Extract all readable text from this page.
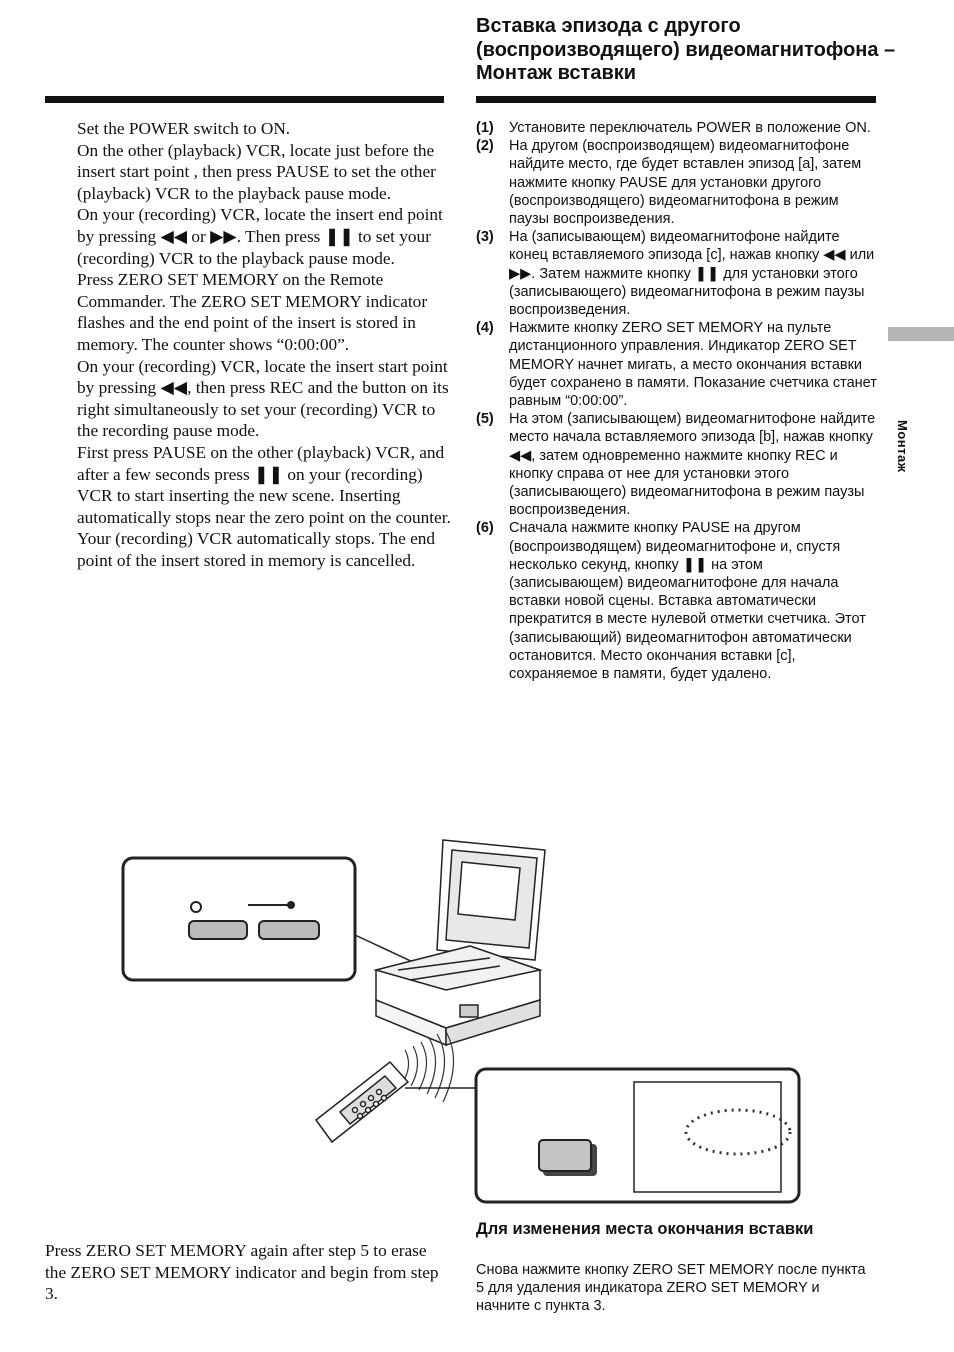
Вставка эпизода с другого (воспроизводящего) видеомагнитофона – Монтаж вставки

Set the POWER switch to ON.

On the other (playback) VCR, locate just before the insert start point , then press PAUSE to set the other (playback) VCR to the playback pause mode.

On your (recording) VCR, locate the insert end point by pressing ◀◀ or ▶▶. Then press ❚❚ to set your (recording) VCR to the playback pause mode.

Press ZERO SET MEMORY on the Remote Commander. The ZERO SET MEMORY indicator flashes and the end point of the insert is stored in memory. The counter shows “0:00:00”.

On your (recording) VCR, locate the insert start point by pressing ◀◀, then press REC and the button on its right simultaneously to set your (recording) VCR to the recording pause mode.

First press PAUSE on the other (playback) VCR, and after a few seconds press ❚❚ on your (recording) VCR to start inserting the new scene. Inserting automatically stops near the zero point on the counter. Your (recording) VCR automatically stops. The end point of the insert stored in memory is cancelled.

(1) Установите переключатель POWER в положение ON.
(2) На другом (воспроизводящем) видеомагнитофоне найдите место, где будет вставлен эпизод [a], затем нажмите кнопку PAUSE для установки другого (воспроизводящего) видеомагнитофона в режим паузы воспроизведения.
(3) На (записывающем) видеомагнитофоне найдите конец вставляемого эпизода [c], нажав кнопку ◀◀ или ▶▶. Затем нажмите кнопку ❚❚ для установки этого (записывающего) видеомагнитофона в режим паузы воспроизведения.
(4) Нажмите кнопку ZERO SET MEMORY на пульте дистанционного управления. Индикатор ZERO SET MEMORY начнет мигать, а место окончания вставки будет сохранено в памяти. Показание счетчика станет равным “0:00:00”.
(5) На этом (записывающем) видеомагнитофоне найдите место начала вставляемого эпизода [b], нажав кнопку ◀◀, затем одновременно нажмите кнопку REC и кнопку справа от нее для установки этого (записывающего) видеомагнитофона в режим паузы воспроизведения.
(6) Сначала нажмите кнопку PAUSE на другом (воспроизводящем) видеомагнитофоне и, спустя несколько секунд, кнопку ❚❚ на этом (записывающем) видеомагнитофоне для начала вставки новой сцены. Вставка автоматически прекратится в месте нулевой отметки счетчика. Этот (записывающий) видеомагнитофон автоматически остановится. Место окончания вставки [c], сохраняемое в памяти, будет удалено.
Монтаж

Press ZERO SET MEMORY again after step 5 to erase the ZERO SET MEMORY indicator and begin from step 3.

Для изменения места окончания вставки

Снова нажмите кнопку ZERO SET MEMORY после пункта 5 для удаления индикатора ZERO SET MEMORY и начните с пункта 3.
